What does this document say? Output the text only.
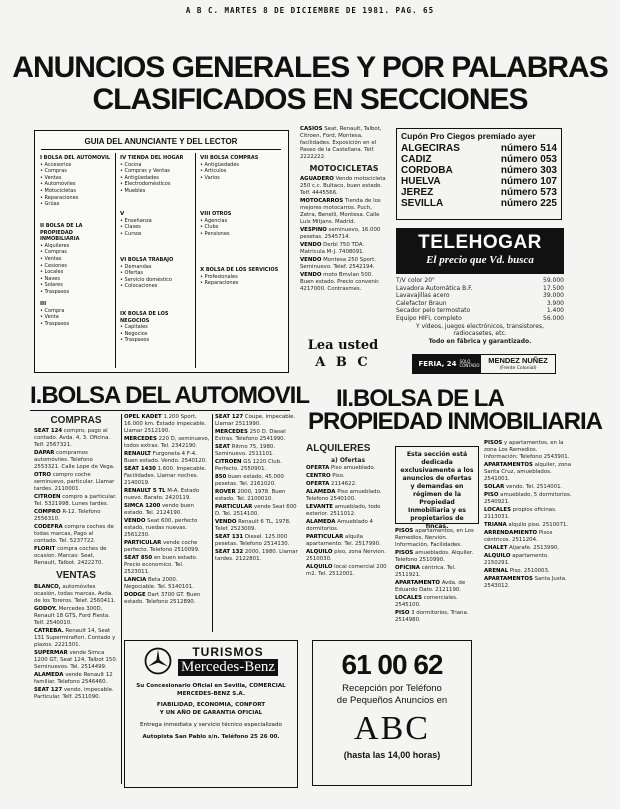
A B C. MARTES 8 DE DICIEMBRE DE 1981. PAG. 65
ANUNCIOS GENERALES Y POR PALABRAS
CLASIFICADOS EN SECCIONES
GUIA DEL ANUNCIANTE Y DEL LECTOR
I BOLSA DEL AUTOMOVIL
• Accesorios
• Compras
• Ventas
• Automóviles
• Motocicletas
• Reparaciones
• Grúas
II BOLSA DE LA PROPIEDAD INMOBILIARIA
• Alquileres
• Compras
• Ventas
• Cesiones
• Locales
• Naves
• Solares
• Traspasos
III
• Compra
• Venta
• Traspasos
IV TIENDA DEL HOGAR
• Cocina
• Compras y Ventas
• Antigüedades
• Electrodomésticos
• Muebles
V
• Enseñanza
• Clases
• Cursos
VI BOLSA TRABAJO
• Demandas
• Ofertas
• Servicio doméstico
• Colocaciones
IX BOLSA DE LOS NEGOCIOS
• Capitales
• Negocios
• Traspasos
VII BOLSA COMPRAS
• Antigüedades
• Artículos
• Varios
VIII OTROS
• Agencias
• Clubs
• Pensiones
X BOLSA DE LOS SERVICIOS
• Profesionales
• Reparaciones

CASIOS Seat, Renault, Talbot, Citroen, Ford, Montesa, facilidades. Exposición en el Paseo de la Castellana. Telf. 2222222.

MOTOCICLETAS

AGUADERO Vendo motocicleta 250 c.c. Bultaco, buen estado. Telf. 4445566.

MOTOCARROS Tienda de los mejores motocarros. Puch, Zetra, Benelli, Montesa. Calle Luis Mitjans. Madrid.

VESPINO seminuevo, 16.000 pesetas. 2545714.

VENDO Derbi 750 TDA. Matricula M-J. 7408091.

VENDO Montesa 250 Sport. Seminuevo. Telef. 2542194.

VENDO moto Bmvlan 500. Buen estado. Precio convenir. 4217000. Contrasmes.

Lea usted
A B C
Cupón Pro Ciegos premiado ayer
ALGECIRAS	número 514
CADIZ	número 053
CORDOBA	número 303
HUELVA	número 107
JEREZ	número 573
SEVILLA	número 225
TELEHOGAR
El precio que Vd. busca
T/V color 20"	59.000
Lavadora Automática B.F.	17.500
Lavavajillas acero	39.000
Calefactor Braun	3.900
Secador pelo termostato	1.400
Equipo HIFI, completo	56.000
Y vídeos, juegos electrónicos, transistores, radiocasetes, etc.
Todo en fábrica y garantizado.
FERIA, 24 SOLO CONTADO
MENDEZ NUÑEZ
(Frente Colonial)
I.BOLSA DEL AUTOMOVIL II.BOLSA DE LA
PROPIEDAD INMOBILIARIA
COMPRAS

SEAT 124 compro, pago al contado. Avda. 4, 3. Oficina. Telf. 2567321.

DAPAR compramos automóviles. Telefono 2553321. Calle Lope de Vega.

OTRO compro coche seminuevo, particular. Llamar tardes. 2110001.

CITROEN compro a particular. Tel. 5321998. Lunes tardes.

COMPRO R-12. Telefono 2556310.

CODEFRA compra coches de todas marcas, Pago al contado. Tel. 5237722.

FLORIT compra coches de ocasion. Marcas: Seat, Renault, Talbot. 2422270.

VENTAS

BLANCO, automóviles ocasión, todas marcas. Avda. de los Toreros. Telef. 2560411.

GODOY. Mercedes 300D, Renault 18 GTS, Ford Fiesta. Telf. 2540010.

CATREBA. Renault 14, Seat 131 Supermirafiori. Contado y plazos. 2221301.

SUPERMAR vende Simca 1200 GT, Seat 124, Talbot 150. Seminuevos. Tel. 2514499.

ALAMEDA vende Renault 12 familiar. Telefono 2546460.

SEAT 127 vendo, impecable. Particular. Telf. 2511090.

OPEL KADET 1.200 Sport, 16.000 km. Estado impecable. Llamar 2512190.

MERCEDES 220 D, seminuevo, todos extras. Tel. 2342190.

RENAULT Furgoneta 4 F-4. Buen estado. Vendo. 2540120.

SEAT 1430 1.600. Impecable. Facilidades. Llamar noches. 2140019.

RENAULT 5 TL M-A. Estado nuevo. Barato. 2420119.

SIMCA 1200 vendo buen estado. Tel. 2124190.

VENDO Seat 600, perfecto estado, ruedas nuevas. 2561230.

PARTICULAR vende coche perfecto. Telefono 2510099.

SEAT 850 en buen estado. Precio economico. Tel. 2523011.

LANCIA Beta 2000. Negociable. Tel. 5140101.

DODGE Dart 3700 GT. Buen estado. Telefono 2512890.

SEAT 127 Coupe, impecable. Llamar 2511990.

MERCEDES 250 D. Diesel Extras. Telefono 2541990.

SEAT Ritmo 75, 1980. Seminuevo. 2511101.

CITROEN GS 1220 Club. Perfecto. 2550901.

850 buen estado, 45.000 pesetas. Tel. 2161020.

ROVER 2000, 1978. Buen estado. Tel. 2100010.

PARTICULAR vende Seat 600 D. Tel. 2514100.

VENDO Renault 6 TL, 1978. Telef. 2523009.

SEAT 131 Diesel. 125.000 pesetas. Telefono 2514130.

SEAT 132 2000, 1980. Llamar tardes. 2122801.

TURISMOS
Mercedes-Benz
Su Concesionario Oficial en Sevilla, COMERCIAL MERCEDES-BENZ S.A.
FIABILIDAD, ECONOMIA, CONFORT
Y UN AÑO DE GARANTIA OFICIAL
Entrega inmediata y servicio técnico especializado
Autopista San Pablo s/n. Teléfono 25 26 00.
ALQUILERES
a) Ofertas

OFERTA Piso amueblado.

CENTRO Piso.

OFERTA 2114622.

ALAMEDA Piso amueblado. Telefono 2540100.

LEVANTE amueblado, todo exterior. 2511012.

ALAMEDA Amueblado 4 dormitorios.

PARTICULAR alquila apartamento. Tel. 2517990.

ALQUILO piso, zona Nervion. 2510030.

ALQUILO local comercial 200 m2. Tel. 2512001.

Esta sección está dedicada exclusivamente a los anuncios de ofertas y demandas en régimen de la Propiedad Inmobiliaria y es propietarios de fincas.

PISOS apartamentos, en Los Remedios, Nervión. Información, Facilidades.

PISOS amueblados. Alquiler. Telefono 2510990.

OFICINA céntrica. Tel. 2511921.

APARTAMENTO Avda. de Eduardo Dato. 2121190.

LOCALES comerciales. 2545100.

PISO 3 dormitorios, Triana. 2514980.

PISOS y apartamentos, en la zona Los Remedios. Información: Telefono 2543901.

APARTAMENTOS alquiler, zona Santa Cruz, amueblados. 2541001.

SOLAR vendo. Tel. 2514001.

PISO amueblado, 5 dormitorios. 2540921.

LOCALES propios oficinas. 2113031.

TRIANA alquilo piso. 2510071.

ARRENDAMIENTO Pisos céntricos. 2511204.

CHALET Aljarafe. 2513990.

ALQUILO apartamento. 2150291.

ARENAL Piso. 2510003.

APARTAMENTOS Santa Justa. 2543012.

61 00 62
Recepción por Teléfono
de Pequeños Anuncios en
ABC
(hasta las 14,00 horas)
